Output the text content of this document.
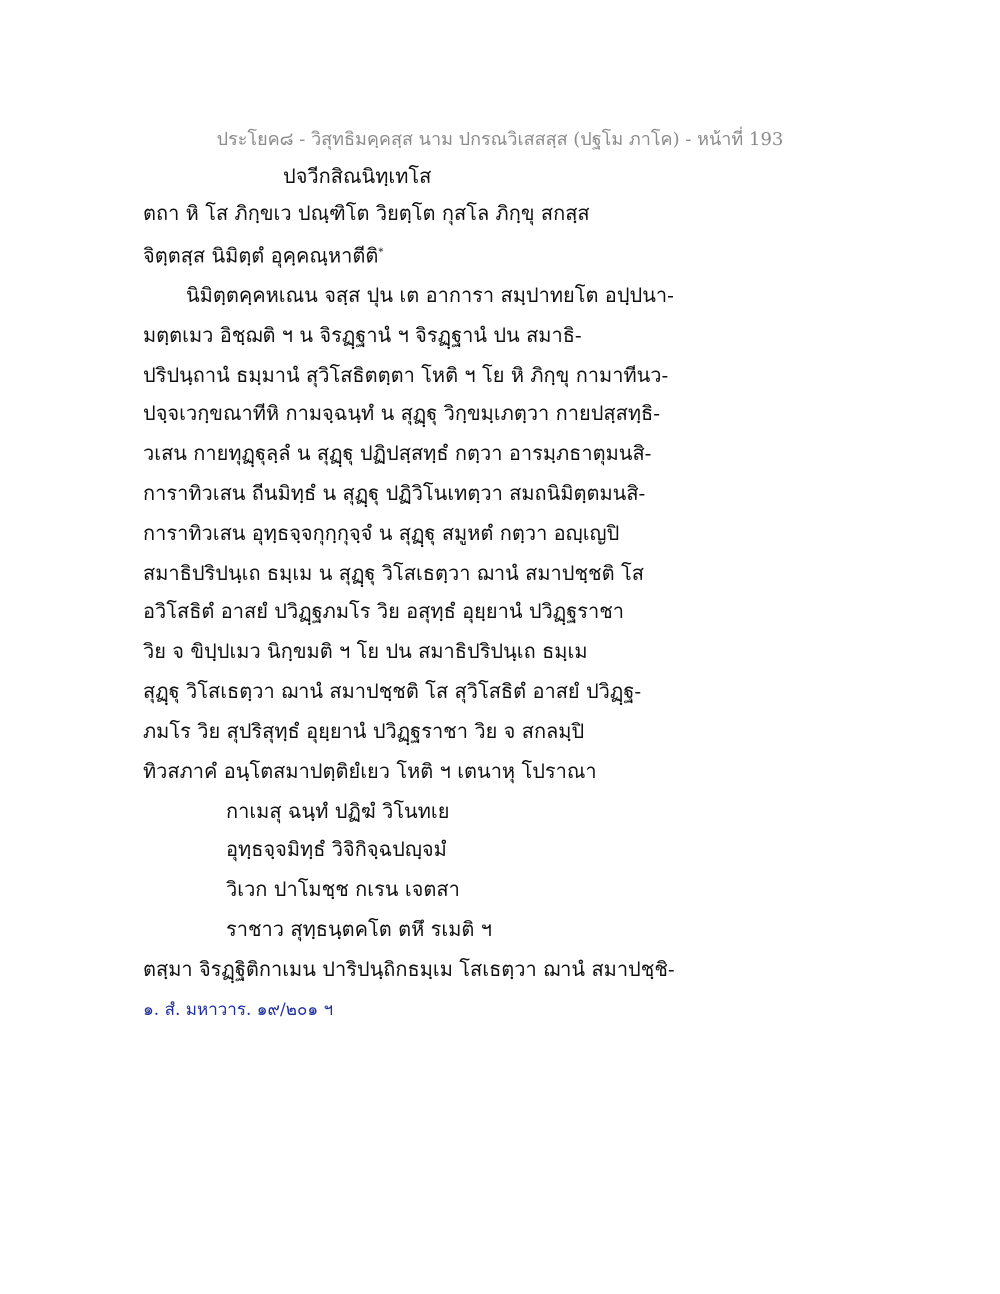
ประโยค๘ - วิสุทธิมคฺคสฺส นาม ปกรณวิเสสสฺส (ปฐโม ภาโค) - หน้าที่ 193
ปจวีกสิณนิทฺเทโส
ตถา หิ โส ภิกฺขเว ปณฺฑิโต วิยตฺโต กุสโล ภิกฺขุ สกสฺส
จิตฺตสฺส นิมิตฺตํ อุคฺคณฺหาตีติ*
นิมิตฺตคฺคหเณน จสฺส ปุน เต อาการา สมฺปาทยโต อปฺปนา-
มตฺตเมว อิชฺฌติ ฯ น จิรฏฺฐานํ ฯ จิรฏฺฐานํ ปน สมาธิ-
ปริปนฺถานํ ธมฺมานํ สุวิโสธิตตฺตา โหติ ฯ โย หิ ภิกฺขุ กามาทีนว-
ปจฺจเวกฺขณาทีหิ กามจฺฉนฺทํ น สุฏฺฐุ วิกฺขมฺเภตฺวา กายปสฺสทฺธิ-
วเสน กายทุฏฺฐุลฺลํ น สุฏฺฐุ ปฏิปสฺสทฺธํ กตฺวา อารมฺภธาตุมนสิ-
การาทิวเสน ถีนมิทฺธํ น สุฏฺฐุ ปฏิวิโนเทตฺวา สมถนิมิตฺตมนสิ-
การาทิวเสน อุทฺธจฺจกุกฺกุจฺจํ น สุฏฺฐุ สมูหตํ กตฺวา อญฺเญปิ
สมาธิปริปนฺเถ ธมฺเม น สุฏฺฐุ วิโสเธตฺวา ฌานํ สมาปชฺชติ โส
อวิโสธิตํ อาสยํ ปวิฏฺฐภมโร วิย อสุทฺธํ อุยฺยานํ ปวิฏฺฐราชา
วิย จ ขิปฺปเมว นิกฺขมติ ฯ โย ปน สมาธิปริปนฺเถ ธมฺเม
สุฏฺฐุ วิโสเธตฺวา ฌานํ สมาปชฺชติ โส สุวิโสธิตํ อาสยํ ปวิฏฺฐ-
ภมโร วิย สุปริสุทฺธํ อุยฺยานํ ปวิฏฺฐราชา วิย จ สกลมฺปิ
ทิวสภาคํ อนฺโตสมาปตฺติยํเยว โหติ ฯ เตนาหุ โปราณา
กาเมสุ ฉนฺทํ ปฏิฆํ วิโนทเย
อุทฺธจฺจมิทฺธํ วิจิกิจฺฉปญฺจมํ
วิเวก ปาโมชฺช กเรน เจตสา
ราชาว สุทฺธนฺตคโต ตหึ รเมติ ฯ
ตสฺมา จิรฏฺฐิติกาเมน ปาริปนฺถิกธมฺเม โสเธตฺวา ฌานํ สมาปชฺชิ-
๑. สํ. มหาวาร. ๑๙/๒๐๑ ฯ
